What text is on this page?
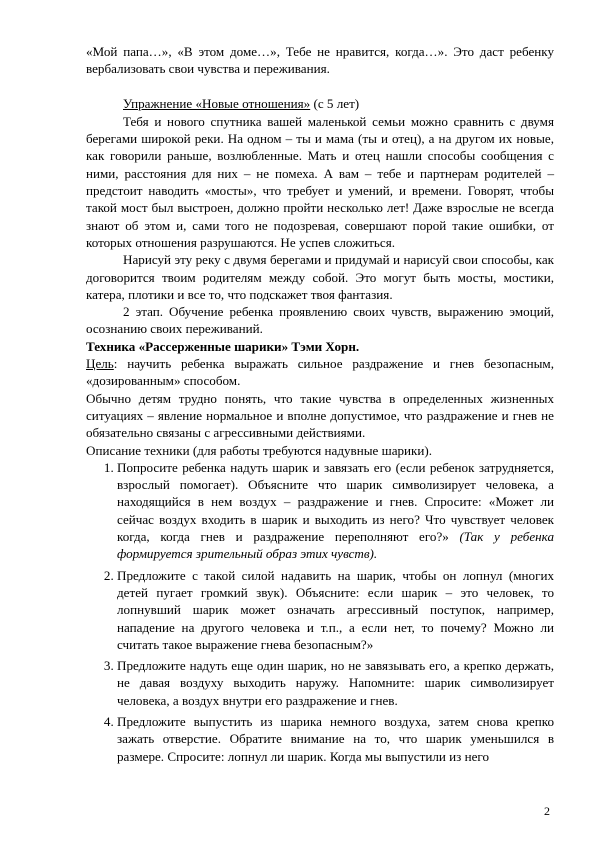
«Мой папа…», «В этом доме…», Тебе не нравится, когда…». Это даст ребенку вербализовать свои чувства и переживания.

Упражнение «Новые отношения» (с 5 лет)

Тебя и нового спутника вашей маленькой семьи можно сравнить с двумя берегами широкой реки. На одном – ты и мама (ты и отец), а на другом их новые, как говорили раньше, возлюбленные. Мать и отец нашли способы сообщения с ними, расстояния для них – не помеха. А вам – тебе и партнерам родителей – предстоит наводить «мосты», что требует и умений, и времени. Говорят, чтобы такой мост был выстроен, должно пройти несколько лет! Даже взрослые не всегда знают об этом и, сами того не подозревая, совершают порой такие ошибки, от которых отношения разрушаются. Не успев сложиться.

Нарисуй эту реку с двумя берегами и придумай и нарисуй свои способы, как договорится твоим родителям между собой. Это могут быть мосты, мостики, катера, плотики и все то, что подскажет твоя фантазия.

2 этап. Обучение ребенка проявлению своих чувств, выражению эмоций, осознанию своих переживаний.

Техника «Рассерженные шарики» Тэми Хорн.

Цель: научить ребенка выражать сильное раздражение и гнев безопасным, «дозированным» способом.

Обычно детям трудно понять, что такие чувства в определенных жизненных ситуациях – явление нормальное и вполне допустимое, что раздражение и гнев не обязательно связаны с агрессивными действиями.

Описание техники (для работы требуются надувные шарики).

1. Попросите ребенка надуть шарик и завязать его (если ребенок затрудняется, взрослый помогает). Объясните что шарик символизирует человека, а находящийся в нем воздух – раздражение и гнев. Спросите: «Может ли сейчас воздух входить в шарик и выходить из него? Что чувствует человек когда, когда гнев и раздражение переполняют его?» (Так у ребенка формируется зрительный образ этих чувств).
2. Предложите с такой силой надавить на шарик, чтобы он лопнул (многих детей пугает громкий звук). Объясните: если шарик – это человек, то лопнувший шарик может означать агрессивный поступок, например, нападение на другого человека и т.п., а если нет, то почему? Можно ли считать такое выражение гнева безопасным?»
3. Предложите надуть еще один шарик, но не завязывать его, а крепко держать, не давая воздуху выходить наружу. Напомните: шарик символизирует человека, а воздух внутри его раздражение и гнев.
4. Предложите выпустить из шарика немного воздуха, затем снова крепко зажать отверстие. Обратите внимание на то, что шарик уменьшился в размере. Спросите: лопнул ли шарик. Когда мы выпустили из него
2
